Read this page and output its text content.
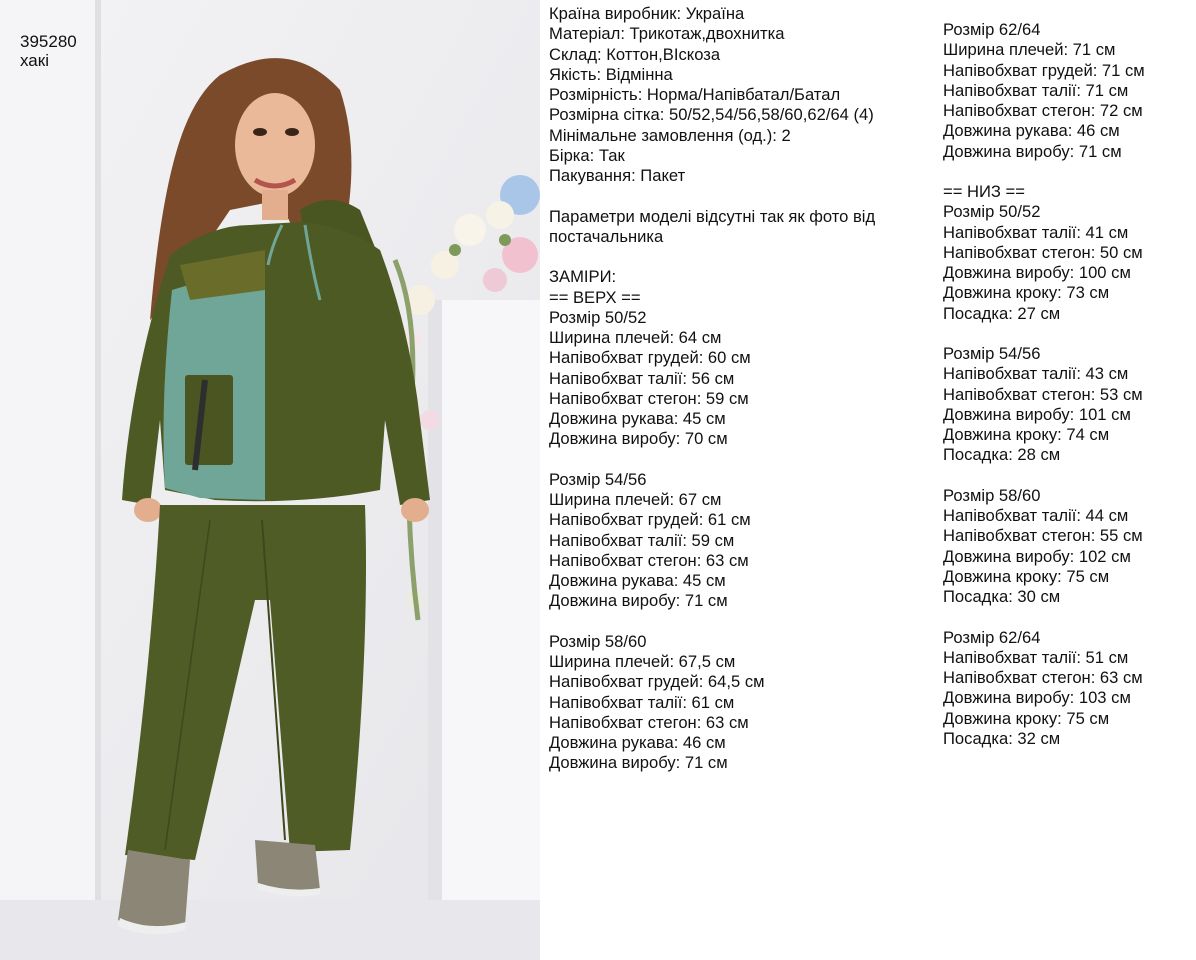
395280
хакі
Країна виробник: Україна
Матеріал: Трикотаж,двохнитка
Склад: Коттон,ВIскоза
Якість: Відмінна
Розмірність: Норма/Напівбатал/Батал
Розмірна сітка: 50/52,54/56,58/60,62/64 (4)
Мінімальне замовлення (од.): 2
Бірка: Так
Пакування: Пакет
Параметри моделі відсутні так як фото від
постачальника
ЗАМІРИ:
== ВЕРХ ==
Розмір 50/52
Ширина плечей: 64 см
Напівобхват грудей: 60 см
Напівобхват талії: 56 см
Напівобхват стегон: 59 см
Довжина рукава: 45 см
Довжина виробу: 70 см
Розмір 54/56
Ширина плечей: 67 см
Напівобхват грудей: 61 см
Напівобхват талії: 59 см
Напівобхват стегон: 63 см
Довжина рукава: 45 см
Довжина виробу: 71 см
Розмір 58/60
Ширина плечей: 67,5 см
Напівобхват грудей: 64,5 см
Напівобхват талії: 61 см
Напівобхват стегон: 63 см
Довжина рукава: 46 см
Довжина виробу: 71 см
Розмір 62/64
Ширина плечей: 71 см
Напівобхват грудей: 71 см
Напівобхват талії: 71 см
Напівобхват стегон: 72 см
Довжина рукава: 46 см
Довжина виробу: 71 см
== НИЗ ==
Розмір 50/52
Напівобхват талії: 41 см
Напівобхват стегон: 50 см
Довжина виробу: 100 см
Довжина кроку: 73 см
Посадка: 27 см
Розмір 54/56
Напівобхват талії: 43 см
Напівобхват стегон: 53 см
Довжина виробу: 101 см
Довжина кроку: 74 см
Посадка: 28 см
Розмір 58/60
Напівобхват талії: 44 см
Напівобхват стегон: 55 см
Довжина виробу: 102 см
Довжина кроку: 75 см
Посадка: 30 см
Розмір 62/64
Напівобхват талії: 51 см
Напівобхват стегон: 63 см
Довжина виробу: 103 см
Довжина кроку: 75 см
Посадка: 32 см
